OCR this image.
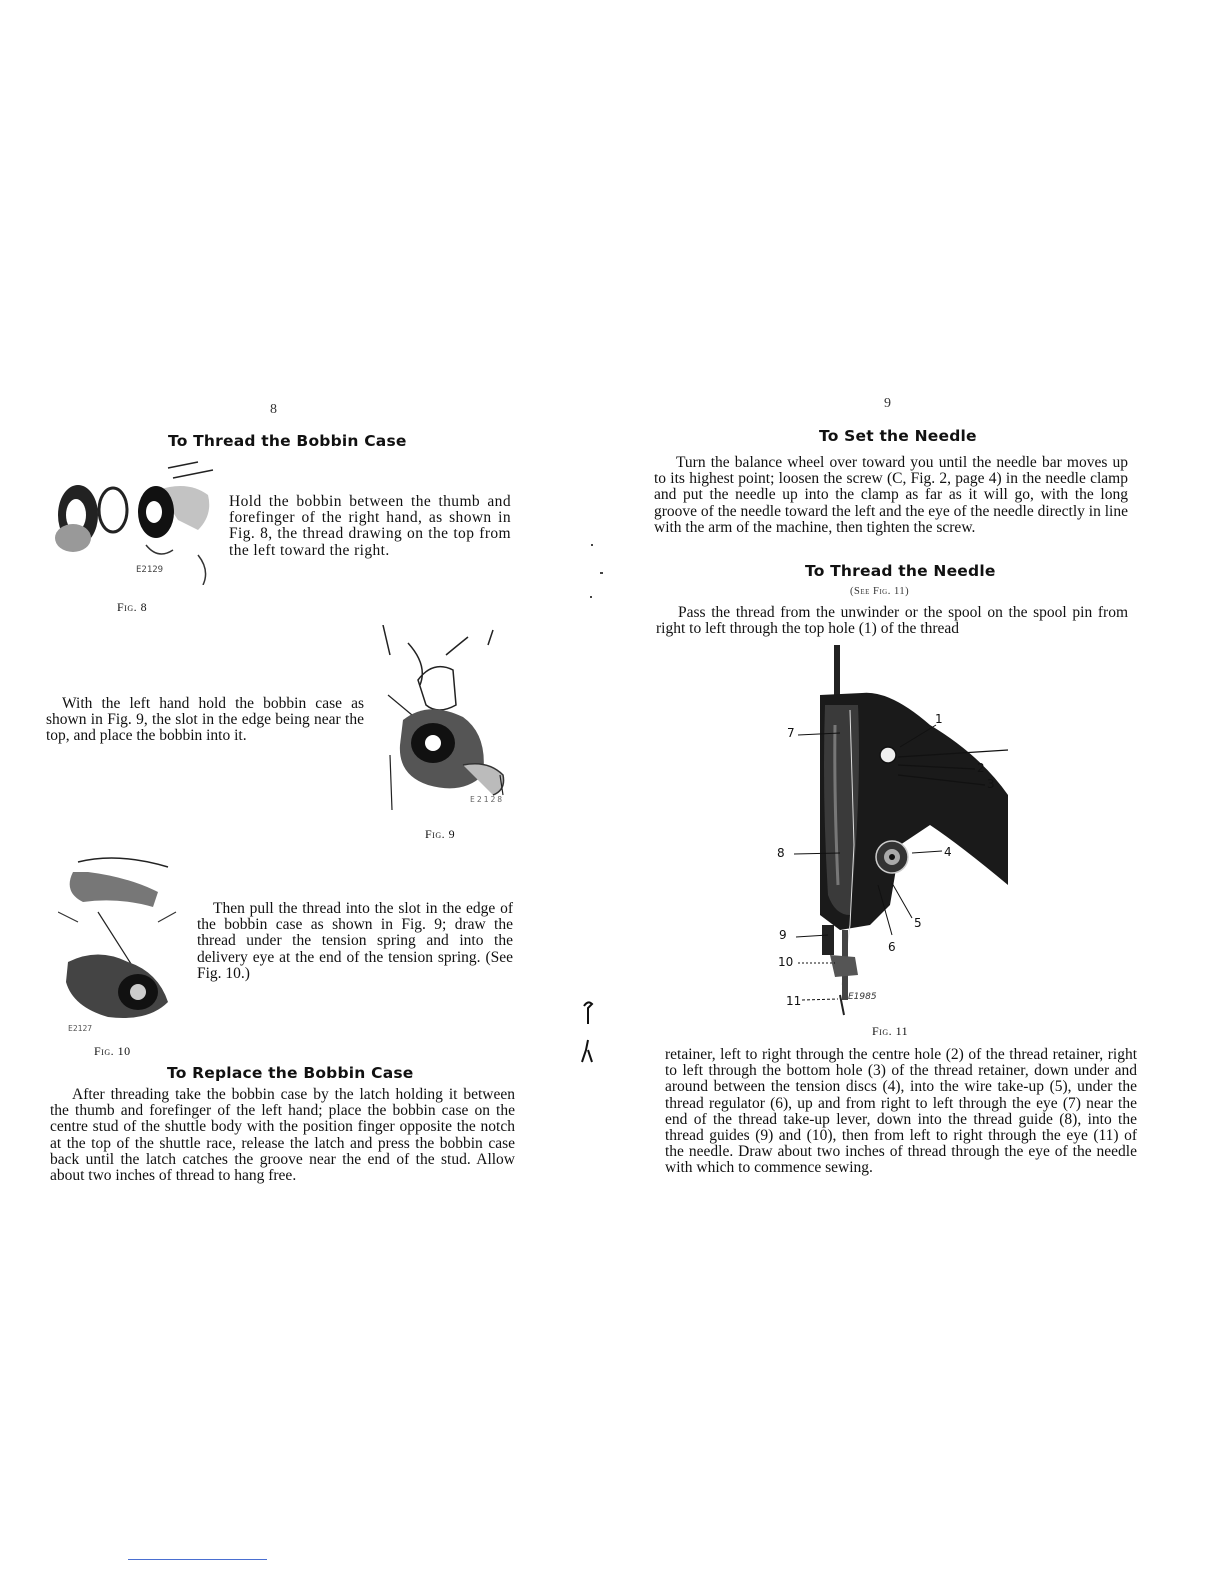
8
To Thread the Bobbin Case
E2129
Fig. 8
Hold the bobbin between the thumb and forefinger of the right hand, as shown in Fig. 8, the thread drawing on the top from the left toward the right.
With the left hand hold the bobbin case as shown in Fig. 9, the slot in the edge being near the top, and place the bobbin into it.
E2128
Fig. 9
E2127
Fig. 10
Then pull the thread into the slot in the edge of the bobbin case as shown in Fig. 9; draw the thread under the tension spring and into the delivery eye at the end of the tension spring. (See Fig. 10.)
To Replace the Bobbin Case
After threading take the bobbin case by the latch holding it between the thumb and forefinger of the left hand; place the bobbin case on the centre stud of the shuttle body with the position finger opposite the notch at the top of the shuttle race, release the latch and press the bobbin case back until the latch catches the groove near the end of the stud. Allow about two inches of thread to hang free.
9
To Set the Needle
Turn the balance wheel over toward you until the needle bar moves up to its highest point; loosen the screw (C, Fig. 2, page 4) in the needle clamp and put the needle up into the clamp as far as it will go, with the long groove of the needle toward the left and the eye of the needle directly in line with the arm of the machine, then tighten the screw.
To Thread the Needle
(See Fig. 11)
Pass the thread from the unwinder or the spool on the spool pin from right to left through the top hole (1) of the thread
1
2
3
4
5
6
7
8
9
10
11	E1985
Fig. 11
retainer, left to right through the centre hole (2) of the thread retainer, right to left through the bottom hole (3) of the thread retainer, down under and around between the tension discs (4), into the wire take-up (5), under the thread regulator (6), up and from right to left through the eye (7) near the end of the thread take-up lever, down into the thread guide (8), into the thread guides (9) and (10), then from left to right through the eye (11) of the needle. Draw about two inches of thread through the eye of the needle with which to commence sewing.
